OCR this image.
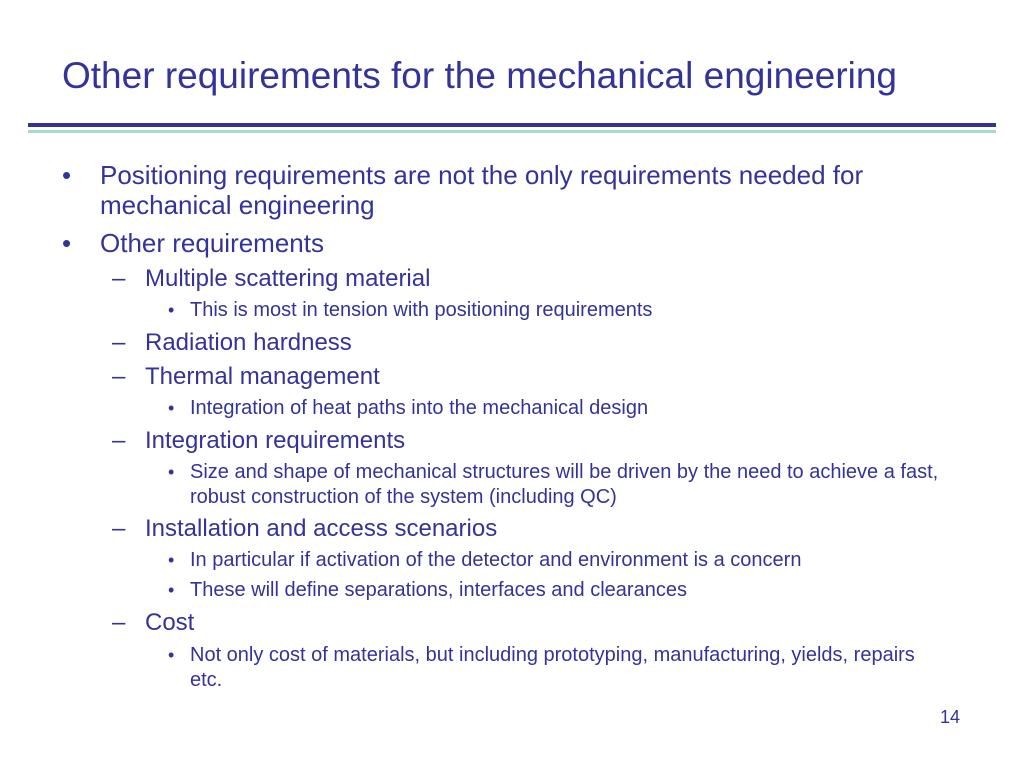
Other requirements for the mechanical engineering
• Positioning requirements are not the only requirements needed for mechanical engineering
• Other requirements
– Multiple scattering material
• This is most in tension with positioning requirements
– Radiation hardness
– Thermal management
• Integration of heat paths into the mechanical design
– Integration requirements
• Size and shape of mechanical structures will be driven by the need to achieve a fast, robust construction of the system (including QC)
– Installation and access scenarios
• In particular if activation of the detector and environment is a concern
• These will define separations, interfaces and clearances
– Cost
• Not only cost of materials, but including prototyping, manufacturing, yields, repairs etc.
14
